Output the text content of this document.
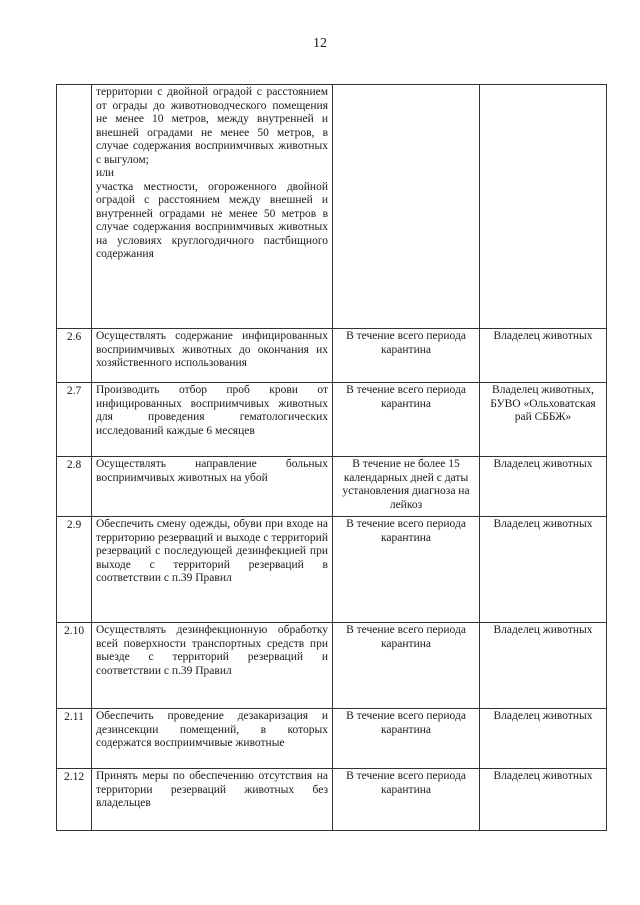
12

	территории с двойной оградой с расстоянием от ограды до животноводческого помещения не менее 10 метров, между внутренней и внешней оградами не менее 50 метров, в случае содержания восприимчивых животных с выгулом;
или
участка местности, огороженного двойной оградой с расстоянием между внешней и внутренней оградами не менее 50 метров в случае содержания восприимчивых животных на условиях круглогодичного пастбищного содержания		

2.6	Осуществлять содержание инфицированных восприимчивых животных до окончания их хозяйственного использования	В течение всего периода карантина	Владелец животных
2.7	Производить отбор проб крови от инфицированных восприимчивых животных для проведения гематологических исследований каждые 6 месяцев	В течение всего периода карантина	Владелец животных, БУВО «Ольховатская рай СББЖ»
2.8	Осуществлять направление больных восприимчивых животных на убой	В течение не более 15 календарных дней с даты установления диагноза на лейкоз	Владелец животных
2.9	Обеспечить смену одежды, обуви при входе на территорию резерваций и выходе с территорий резерваций с последующей дезинфекцией при выходе с территорий резерваций в соответствии с п.39 Правил	В течение всего периода карантина	Владелец животных
2.10	Осуществлять дезинфекционную обработку всей поверхности транспортных средств при выезде с территорий резерваций и соответствии с п.39 Правил	В течение всего периода карантина	Владелец животных
2.11	Обеспечить проведение дезакаризация и дезинсекции помещений, в которых содержатся восприимчивые животные	В течение всего периода карантина	Владелец животных
2.12	Принять меры по обеспечению отсутствия на территории резерваций животных без владельцев	В течение всего периода карантина	Владелец животных
